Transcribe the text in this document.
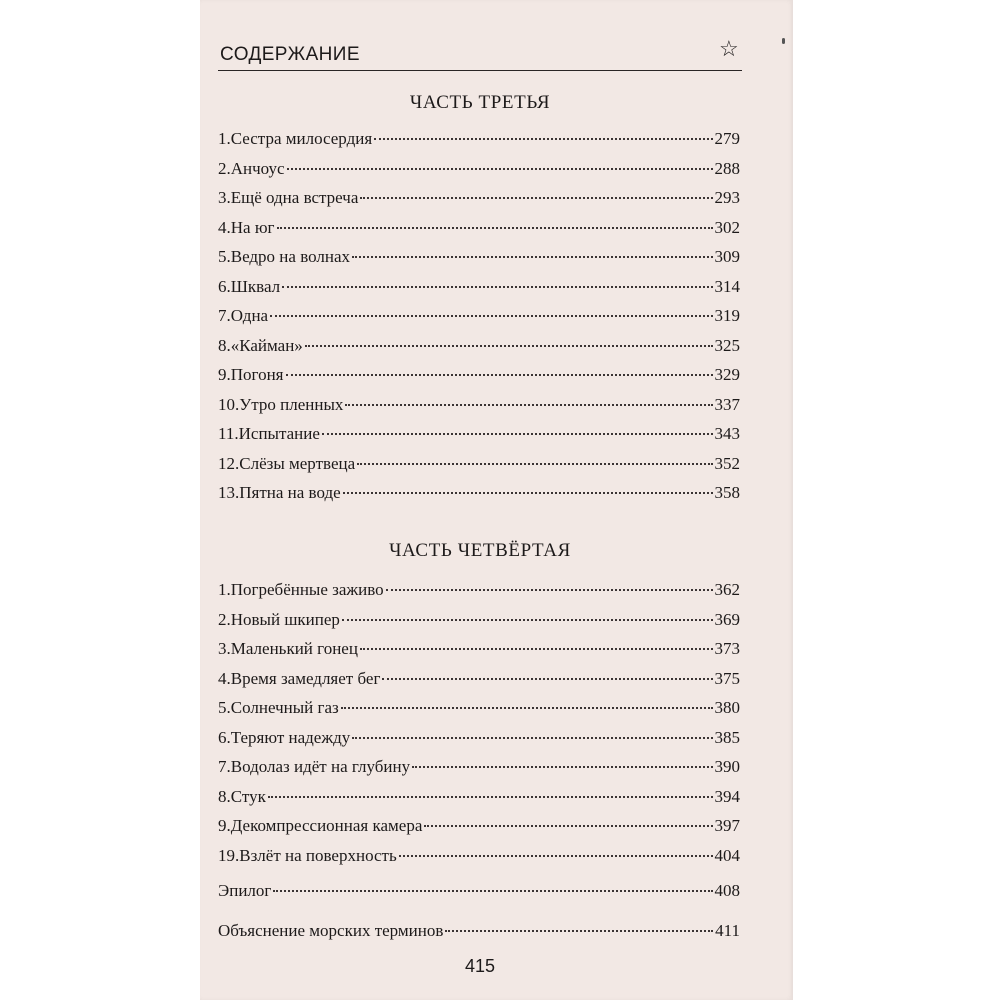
СОДЕРЖАНИЕ	☆
ЧАСТЬ ТРЕТЬЯ
1. Сестра милосердия	279
2. Анчоус	288
3. Ещё одна встреча	293
4. На юг	302
5. Ведро на волнах	309
6. Шквал	314
7. Одна	319
8. «Кайман»	325
9. Погоня	329
10. Утро пленных	337
11. Испытание	343
12. Слёзы мертвеца	352
13. Пятна на воде	358
ЧАСТЬ ЧЕТВЁРТАЯ
1. Погребённые заживо	362
2. Новый шкипер	369
3. Маленький гонец	373
4. Время замедляет бег	375
5. Солнечный газ	380
6. Теряют надежду	385
7. Водолаз идёт на глубину	390
8. Стук	394
9. Декомпрессионная камера	397
19. Взлёт на поверхность	404
Эпилог	408
Объяснение морских терминов	411
415
